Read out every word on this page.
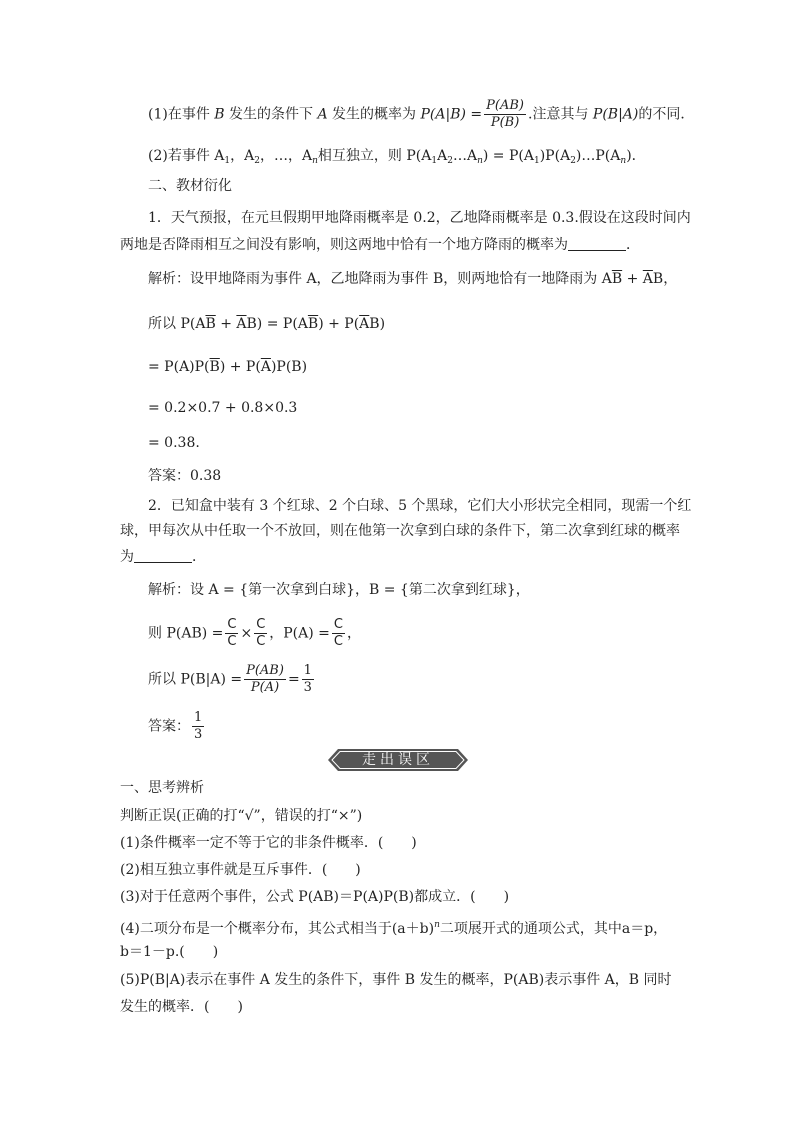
(1)在事件 B 发生的条件下 A 发生的概率为 $P(A|B) = \frac{P(AB)}{P(B)}$ .注意其与 P(B|A)的不同．
(2)若事件 $A_1$，$A_2$，…，$A_n$相互独立，则 $P(A_1A_2\dots A_n)$ = $P(A_1)P(A_2)\dots P(A_n)$．
二、教材衍化
1．天气预报，在元旦假期甲地降雨概率是 0.2，乙地降雨概率是 0.3.假设在这段时间内
两地是否降雨相互之间没有影响，则这两地中恰有一个地方降雨的概率为	．
解析：设甲地降雨为事件 A，乙地降雨为事件 B，则两地恰有一地降雨为 $A\overline{B} + \overline{A}B$，
所以 $P(A\overline{B} + \overline{A}B) = P(A\overline{B}) + P(\overline{A}B)$
= $P(A)P(\overline{B}) + P(\overline{A})P(B)$
= 0.2×0.7 + 0.8×0.3
= 0.38.
答案：0.38
2．已知盒中装有 3 个红球、2 个白球、5 个黑球，它们大小形状完全相同，现需一个红
球，甲每次从中任取一个不放回，则在他第一次拿到白球的条件下，第二次拿到红球的概率
为	．
解析：设 A = {第一次拿到白球}，B = {第二次拿到红球}，
则 $P(AB) = \frac{C}{C} \times \frac{C}{C}$ ，$P(A) = \frac{C}{C}$ ，
所以 $P(B|A) = \frac{P(AB)}{P(A)} = \frac{1}{3}$
答案： $\frac{1}{3}$
走出误区
一、思考辨析
判断正误(正确的打“√”，错误的打“×”)
(1)条件概率一定不等于它的非条件概率．(　　)
(2)相互独立事件就是互斥事件．(　　)
(3)对于任意两个事件，公式 P(AB)＝P(A)P(B)都成立．(　　)
(4)二项分布是一个概率分布，其公式相当于$(a+b)^n$二项展开式的通项公式，其中a＝p，
b＝1－p.(　　)
(5)P(B|A)表示在事件 A 发生的条件下，事件 B 发生的概率，P(AB)表示事件 A，B 同时
发生的概率．(　　)
